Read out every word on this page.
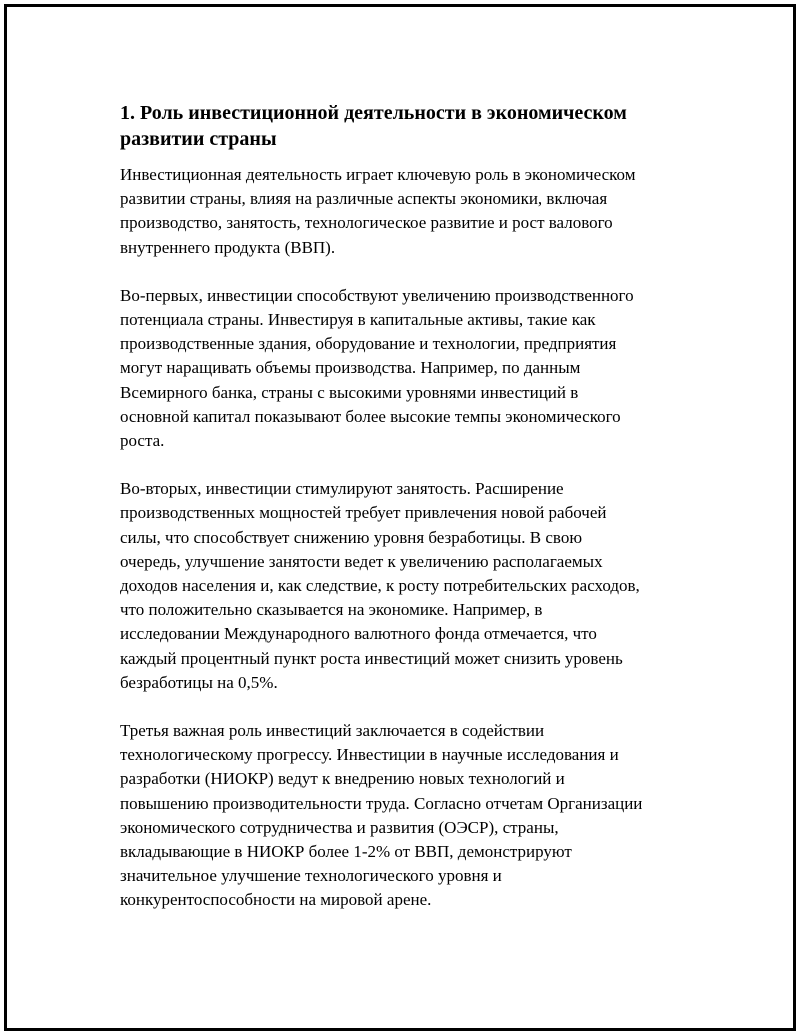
1. Роль инвестиционной деятельности в экономическом
развитии страны

Инвестиционная деятельность играет ключевую роль в экономическом
развитии страны, влияя на различные аспекты экономики, включая
производство, занятость, технологическое развитие и рост валового
внутреннего продукта (ВВП).

Во-первых, инвестиции способствуют увеличению производственного
потенциала страны. Инвестируя в капитальные активы, такие как
производственные здания, оборудование и технологии, предприятия
могут наращивать объемы производства. Например, по данным
Всемирного банка, страны с высокими уровнями инвестиций в
основной капитал показывают более высокие темпы экономического
роста.

Во-вторых, инвестиции стимулируют занятость. Расширение
производственных мощностей требует привлечения новой рабочей
силы, что способствует снижению уровня безработицы. В свою
очередь, улучшение занятости ведет к увеличению располагаемых
доходов населения и, как следствие, к росту потребительских расходов,
что положительно сказывается на экономике. Например, в
исследовании Международного валютного фонда отмечается, что
каждый процентный пункт роста инвестиций может снизить уровень
безработицы на 0,5%.

Третья важная роль инвестиций заключается в содействии
технологическому прогрессу. Инвестиции в научные исследования и
разработки (НИОКР) ведут к внедрению новых технологий и
повышению производительности труда. Согласно отчетам Организации
экономического сотрудничества и развития (ОЭСР), страны,
вкладывающие в НИОКР более 1-2% от ВВП, демонстрируют
значительное улучшение технологического уровня и
конкурентоспособности на мировой арене.
